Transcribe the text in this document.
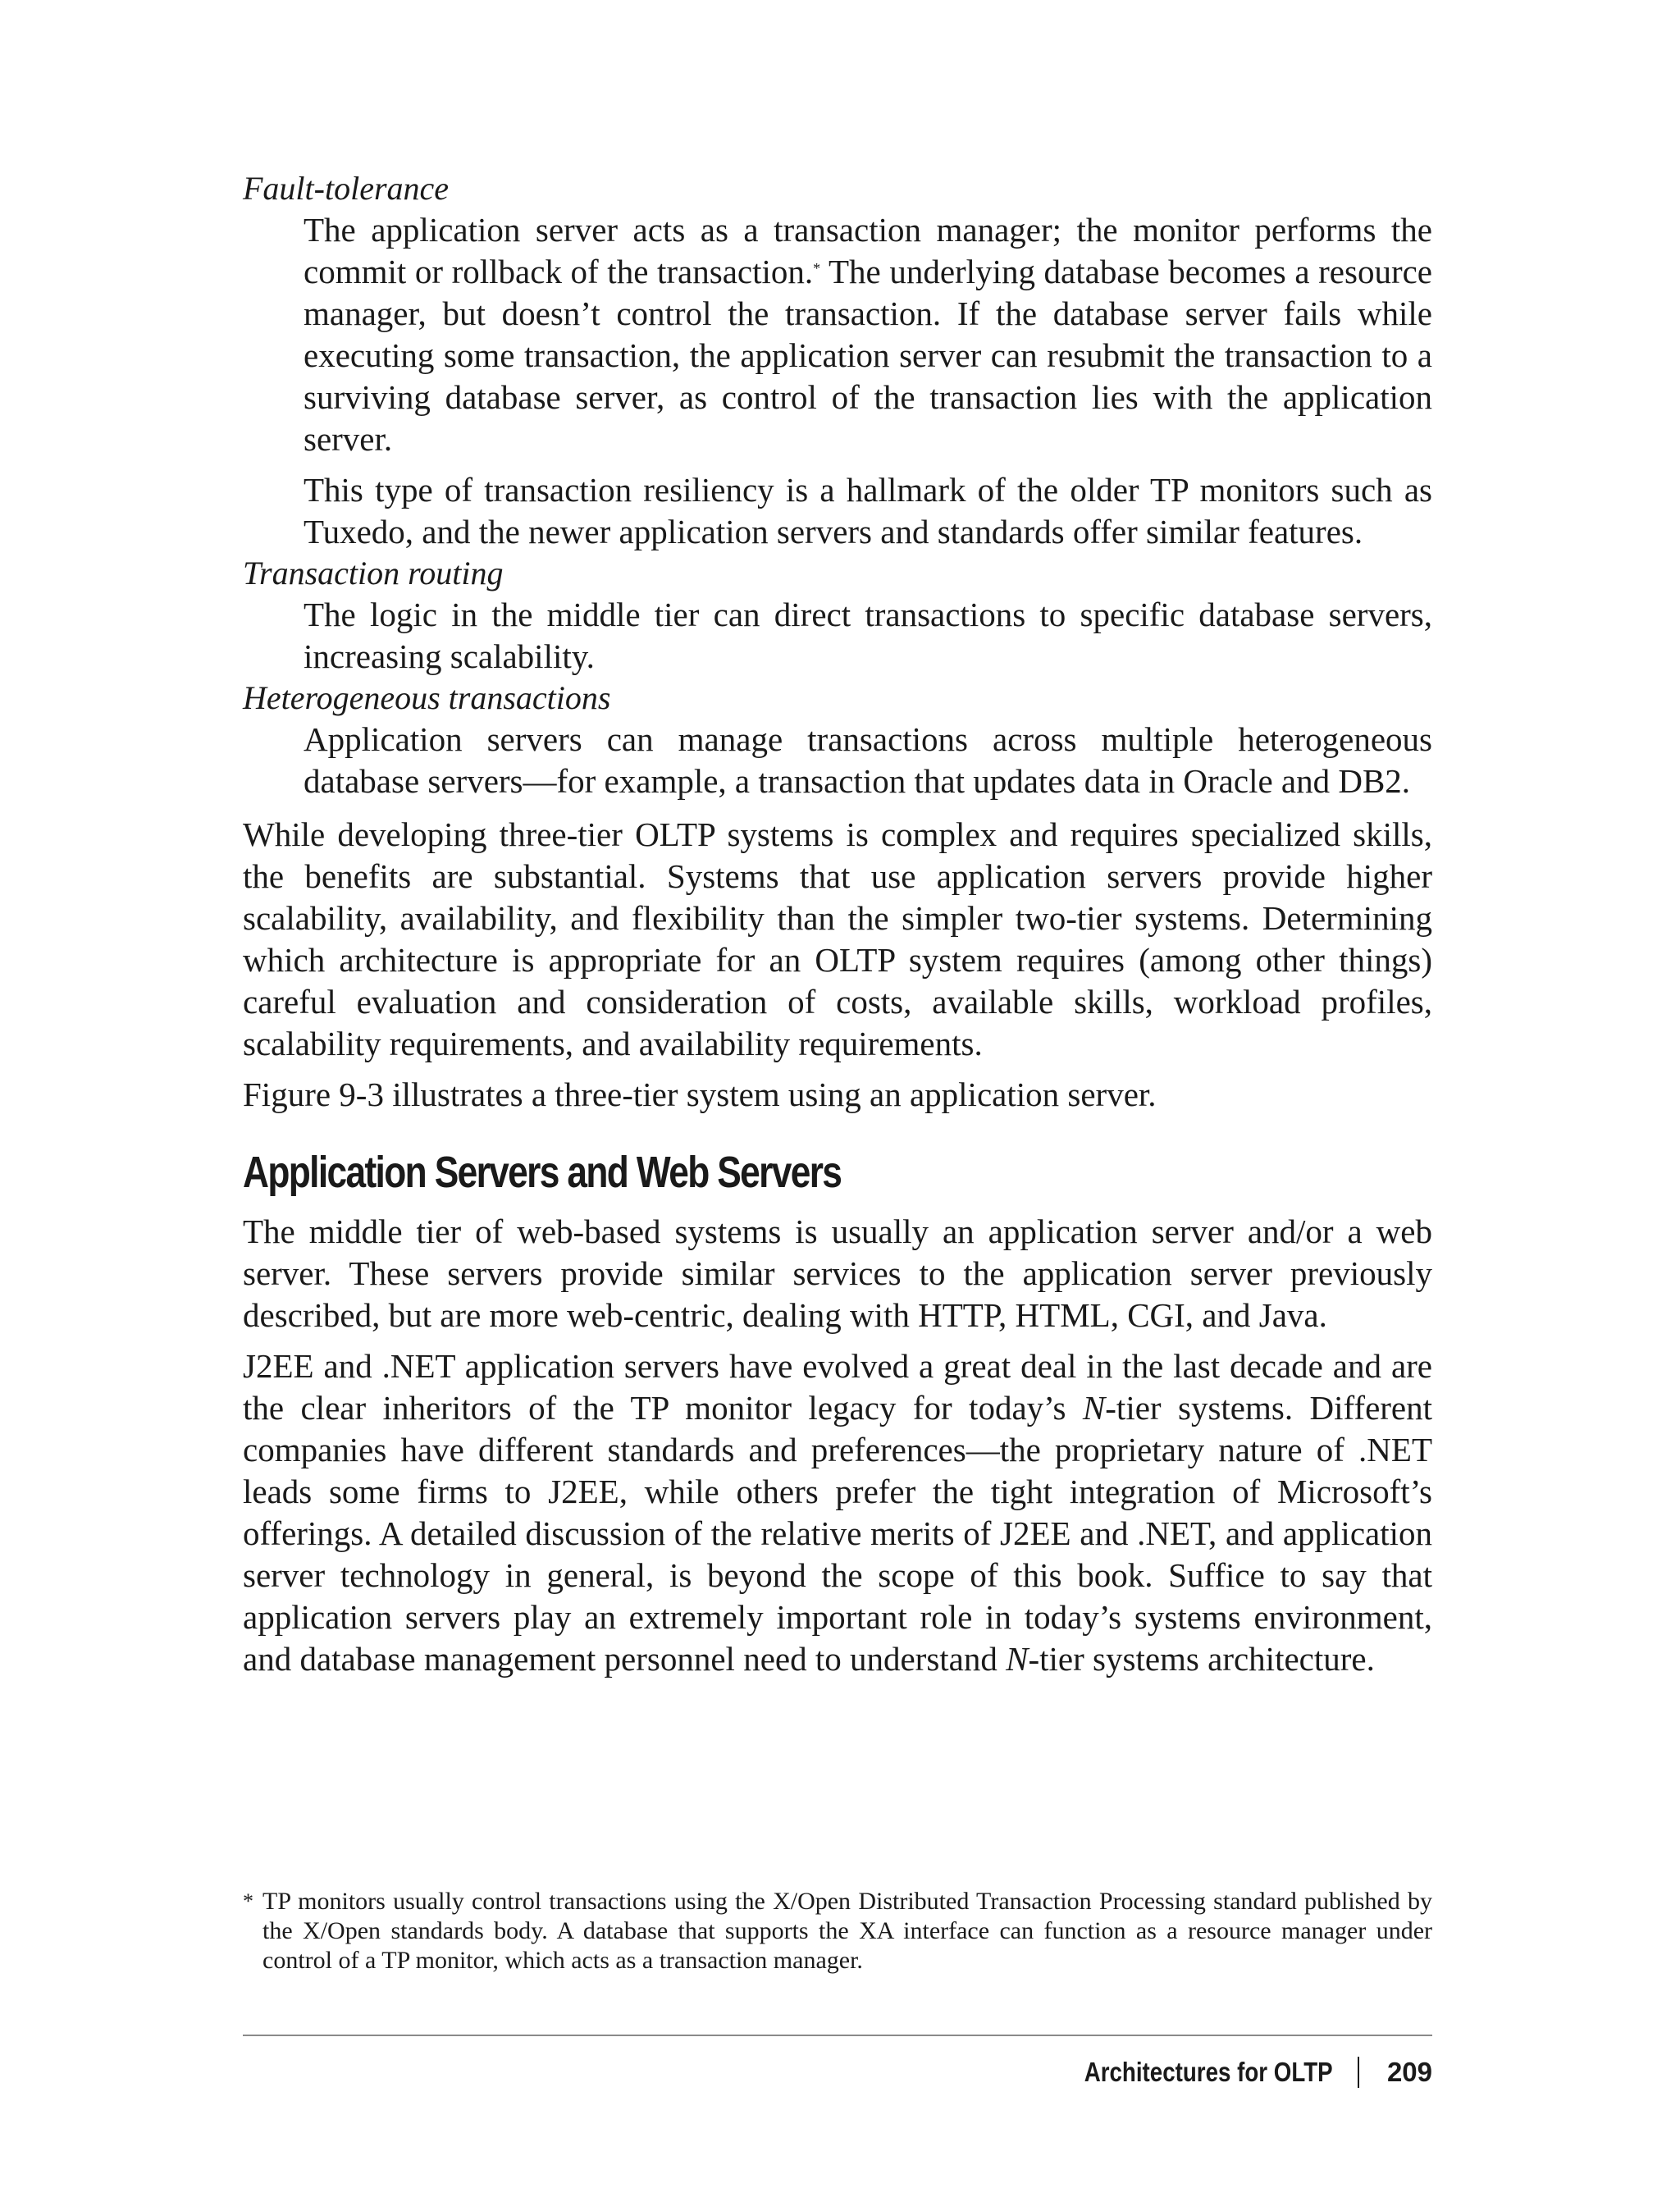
Fault-tolerance

The application server acts as a transaction manager; the monitor performs the commit or rollback of the transaction.* The underlying database becomes a resource manager, but doesn’t control the transaction. If the database server fails while executing some transaction, the application server can resubmit the transaction to a surviving database server, as control of the transaction lies with the application server.

This type of transaction resiliency is a hallmark of the older TP monitors such as Tuxedo, and the newer application servers and standards offer similar features.

Transaction routing

The logic in the middle tier can direct transactions to specific database servers, increasing scalability.

Heterogeneous transactions

Application servers can manage transactions across multiple heterogeneous database servers—for example, a transaction that updates data in Oracle and DB2.

While developing three-tier OLTP systems is complex and requires specialized skills, the benefits are substantial. Systems that use application servers provide higher scalability, availability, and flexibility than the simpler two-tier systems. Determining which architecture is appropriate for an OLTP system requires (among other things) careful evaluation and consideration of costs, available skills, workload profiles, scalability requirements, and availability requirements.

Figure 9-3 illustrates a three-tier system using an application server.

Application Servers and Web Servers

The middle tier of web-based systems is usually an application server and/or a web server. These servers provide similar services to the application server previously described, but are more web-centric, dealing with HTTP, HTML, CGI, and Java.

J2EE and .NET application servers have evolved a great deal in the last decade and are the clear inheritors of the TP monitor legacy for today’s N-tier systems. Different companies have different standards and preferences—the proprietary nature of .NET leads some firms to J2EE, while others prefer the tight integration of Microsoft’s offerings. A detailed discussion of the relative merits of J2EE and .NET, and application server technology in general, is beyond the scope of this book. Suffice to say that application servers play an extremely important role in today’s systems environment, and database management personnel need to understand N-tier systems architecture.

* TP monitors usually control transactions using the X/Open Distributed Transaction Processing standard published by the X/Open standards body. A database that supports the XA interface can function as a resource manager under control of a TP monitor, which acts as a transaction manager.
Architectures for OLTP 209
